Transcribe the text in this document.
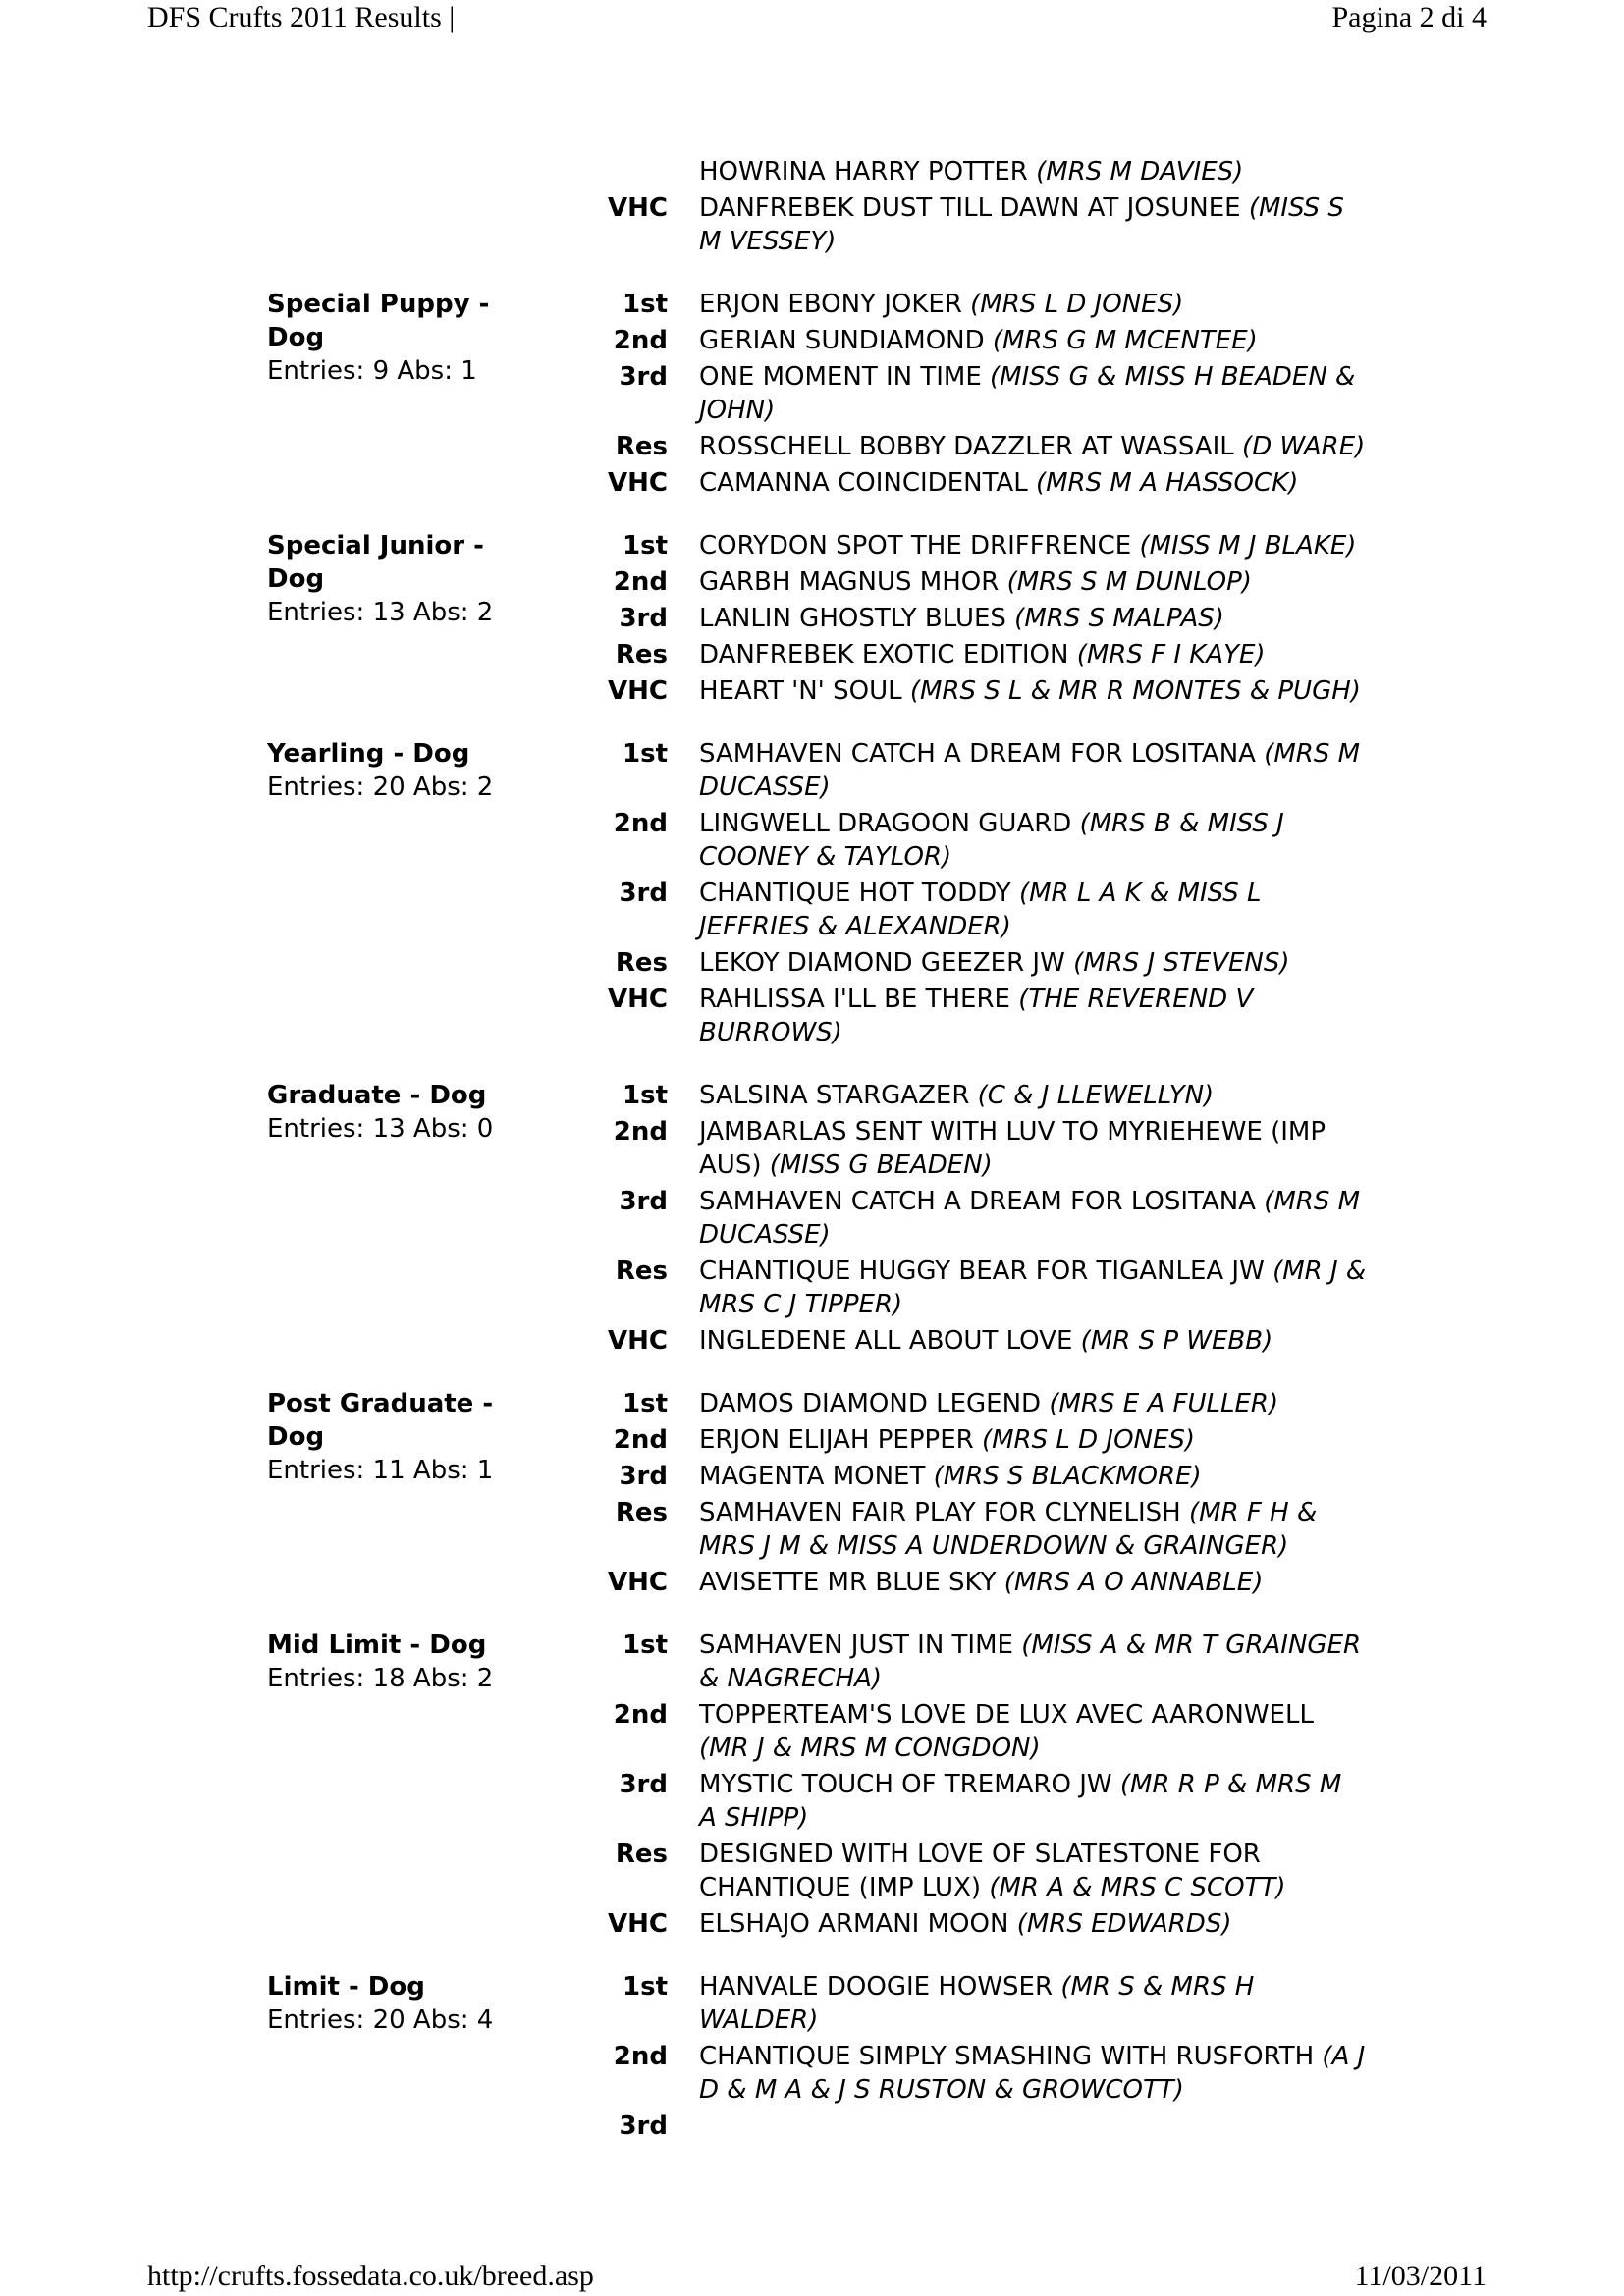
DFS Crufts 2011 Results |	Pagina 2 di 4
HOWRINA HARRY POTTER (MRS M DAVIES)
VHC DANFREBEK DUST TILL DAWN AT JOSUNEE (MISS S M VESSEY)
Special Puppy - Dog
Entries: 9 Abs: 1
1st ERJON EBONY JOKER (MRS L D JONES)
2nd GERIAN SUNDIAMOND (MRS G M MCENTEE)
3rd ONE MOMENT IN TIME (MISS G & MISS H BEADEN & JOHN)
Res ROSSCHELL BOBBY DAZZLER AT WASSAIL (D WARE)
VHC CAMANNA COINCIDENTAL (MRS M A HASSOCK)
Special Junior - Dog
Entries: 13 Abs: 2
1st CORYDON SPOT THE DRIFFRENCE (MISS M J BLAKE)
2nd GARBH MAGNUS MHOR (MRS S M DUNLOP)
3rd LANLIN GHOSTLY BLUES (MRS S MALPAS)
Res DANFREBEK EXOTIC EDITION (MRS F I KAYE)
VHC HEART 'N' SOUL (MRS S L & MR R MONTES & PUGH)
Yearling - Dog
Entries: 20 Abs: 2
1st SAMHAVEN CATCH A DREAM FOR LOSITANA (MRS M DUCASSE)
2nd LINGWELL DRAGOON GUARD (MRS B & MISS J COONEY & TAYLOR)
3rd CHANTIQUE HOT TODDY (MR L A K & MISS L JEFFRIES & ALEXANDER)
Res LEKOY DIAMOND GEEZER JW (MRS J STEVENS)
VHC RAHLISSA I'LL BE THERE (THE REVEREND V BURROWS)
Graduate - Dog
Entries: 13 Abs: 0
1st SALSINA STARGAZER (C & J LLEWELLYN)
2nd JAMBARLAS SENT WITH LUV TO MYRIEHEWE (IMP AUS) (MISS G BEADEN)
3rd SAMHAVEN CATCH A DREAM FOR LOSITANA (MRS M DUCASSE)
Res CHANTIQUE HUGGY BEAR FOR TIGANLEA JW (MR J & MRS C J TIPPER)
VHC INGLEDENE ALL ABOUT LOVE (MR S P WEBB)
Post Graduate - Dog
Entries: 11 Abs: 1
1st DAMOS DIAMOND LEGEND (MRS E A FULLER)
2nd ERJON ELIJAH PEPPER (MRS L D JONES)
3rd MAGENTA MONET (MRS S BLACKMORE)
Res SAMHAVEN FAIR PLAY FOR CLYNELISH (MR F H & MRS J M & MISS A UNDERDOWN & GRAINGER)
VHC AVISETTE MR BLUE SKY (MRS A O ANNABLE)
Mid Limit - Dog
Entries: 18 Abs: 2
1st SAMHAVEN JUST IN TIME (MISS A & MR T GRAINGER & NAGRECHA)
2nd TOPPERTEAM'S LOVE DE LUX AVEC AARONWELL (MR J & MRS M CONGDON)
3rd MYSTIC TOUCH OF TREMARO JW (MR R P & MRS M A SHIPP)
Res DESIGNED WITH LOVE OF SLATESTONE FOR CHANTIQUE (IMP LUX) (MR A & MRS C SCOTT)
VHC ELSHAJO ARMANI MOON (MRS EDWARDS)
Limit - Dog
Entries: 20 Abs: 4
1st HANVALE DOOGIE HOWSER (MR S & MRS H WALDER)
2nd CHANTIQUE SIMPLY SMASHING WITH RUSFORTH (A J D & M A & J S RUSTON & GROWCOTT)
3rd
http://crufts.fossedata.co.uk/breed.asp	11/03/2011
